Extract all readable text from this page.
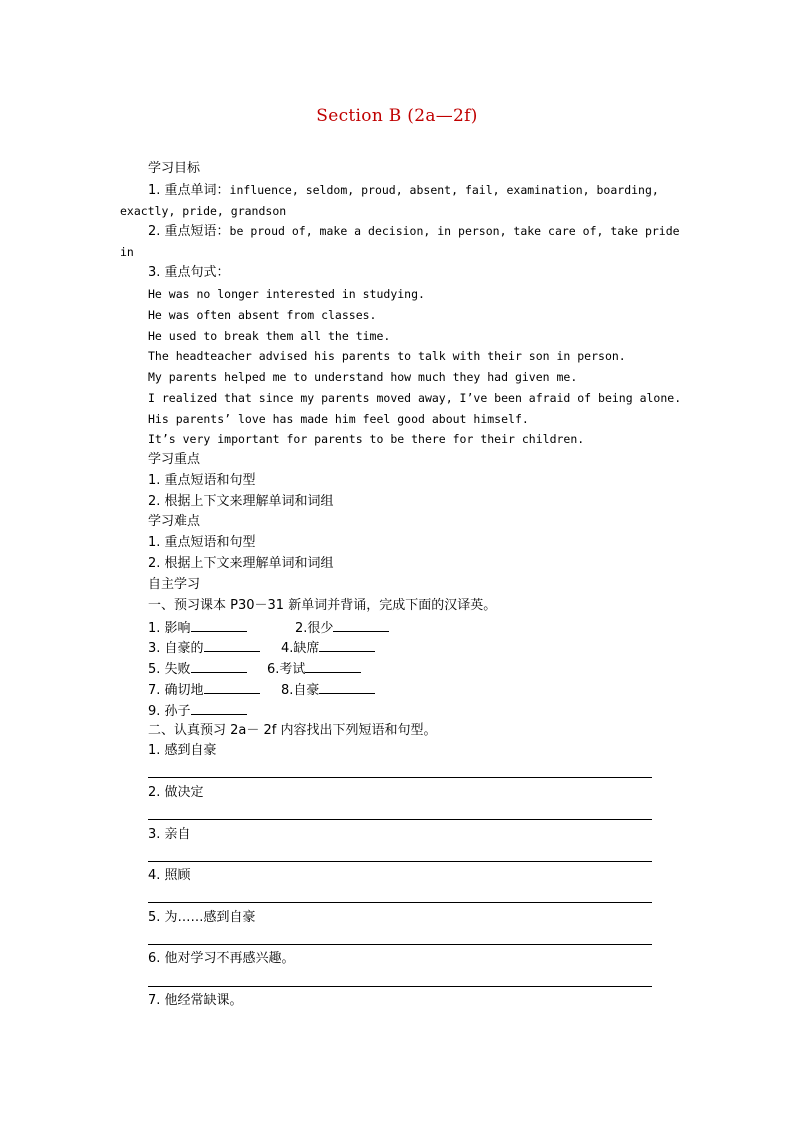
Section B (2a—2f)
学习目标
1. 重点单词：influence, seldom, proud, absent, fail, examination, boarding,
exactly, pride, grandson
2. 重点短语：be proud of, make a decision, in person, take care of, take pride
in
3. 重点句式：
He was no longer interested in studying.
He was often absent from classes.
He used to break them all the time.
The headteacher advised his parents to talk with their son in person.
My parents helped me to understand how much they had given me.
I realized that since my parents moved away, I’ve been afraid of being alone.
His parents’ love has made him feel good about himself.
It’s very important for parents to be there for their children.
学习重点
1. 重点短语和句型
2. 根据上下文来理解单词和词组
学习难点
1. 重点短语和句型
2. 根据上下文来理解单词和词组
自主学习
一、预习课本 P30－31 新单词并背诵，完成下面的汉译英。
1. 影响	2.很少
3. 自豪的	4.缺席
5. 失败	6.考试
7. 确切地	8.自豪
9. 孙子
二、认真预习 2a－ 2f 内容找出下列短语和句型。
1. 感到自豪
2. 做决定
3. 亲自
4. 照顾
5. 为……感到自豪
6. 他对学习不再感兴趣。
7. 他经常缺课。
